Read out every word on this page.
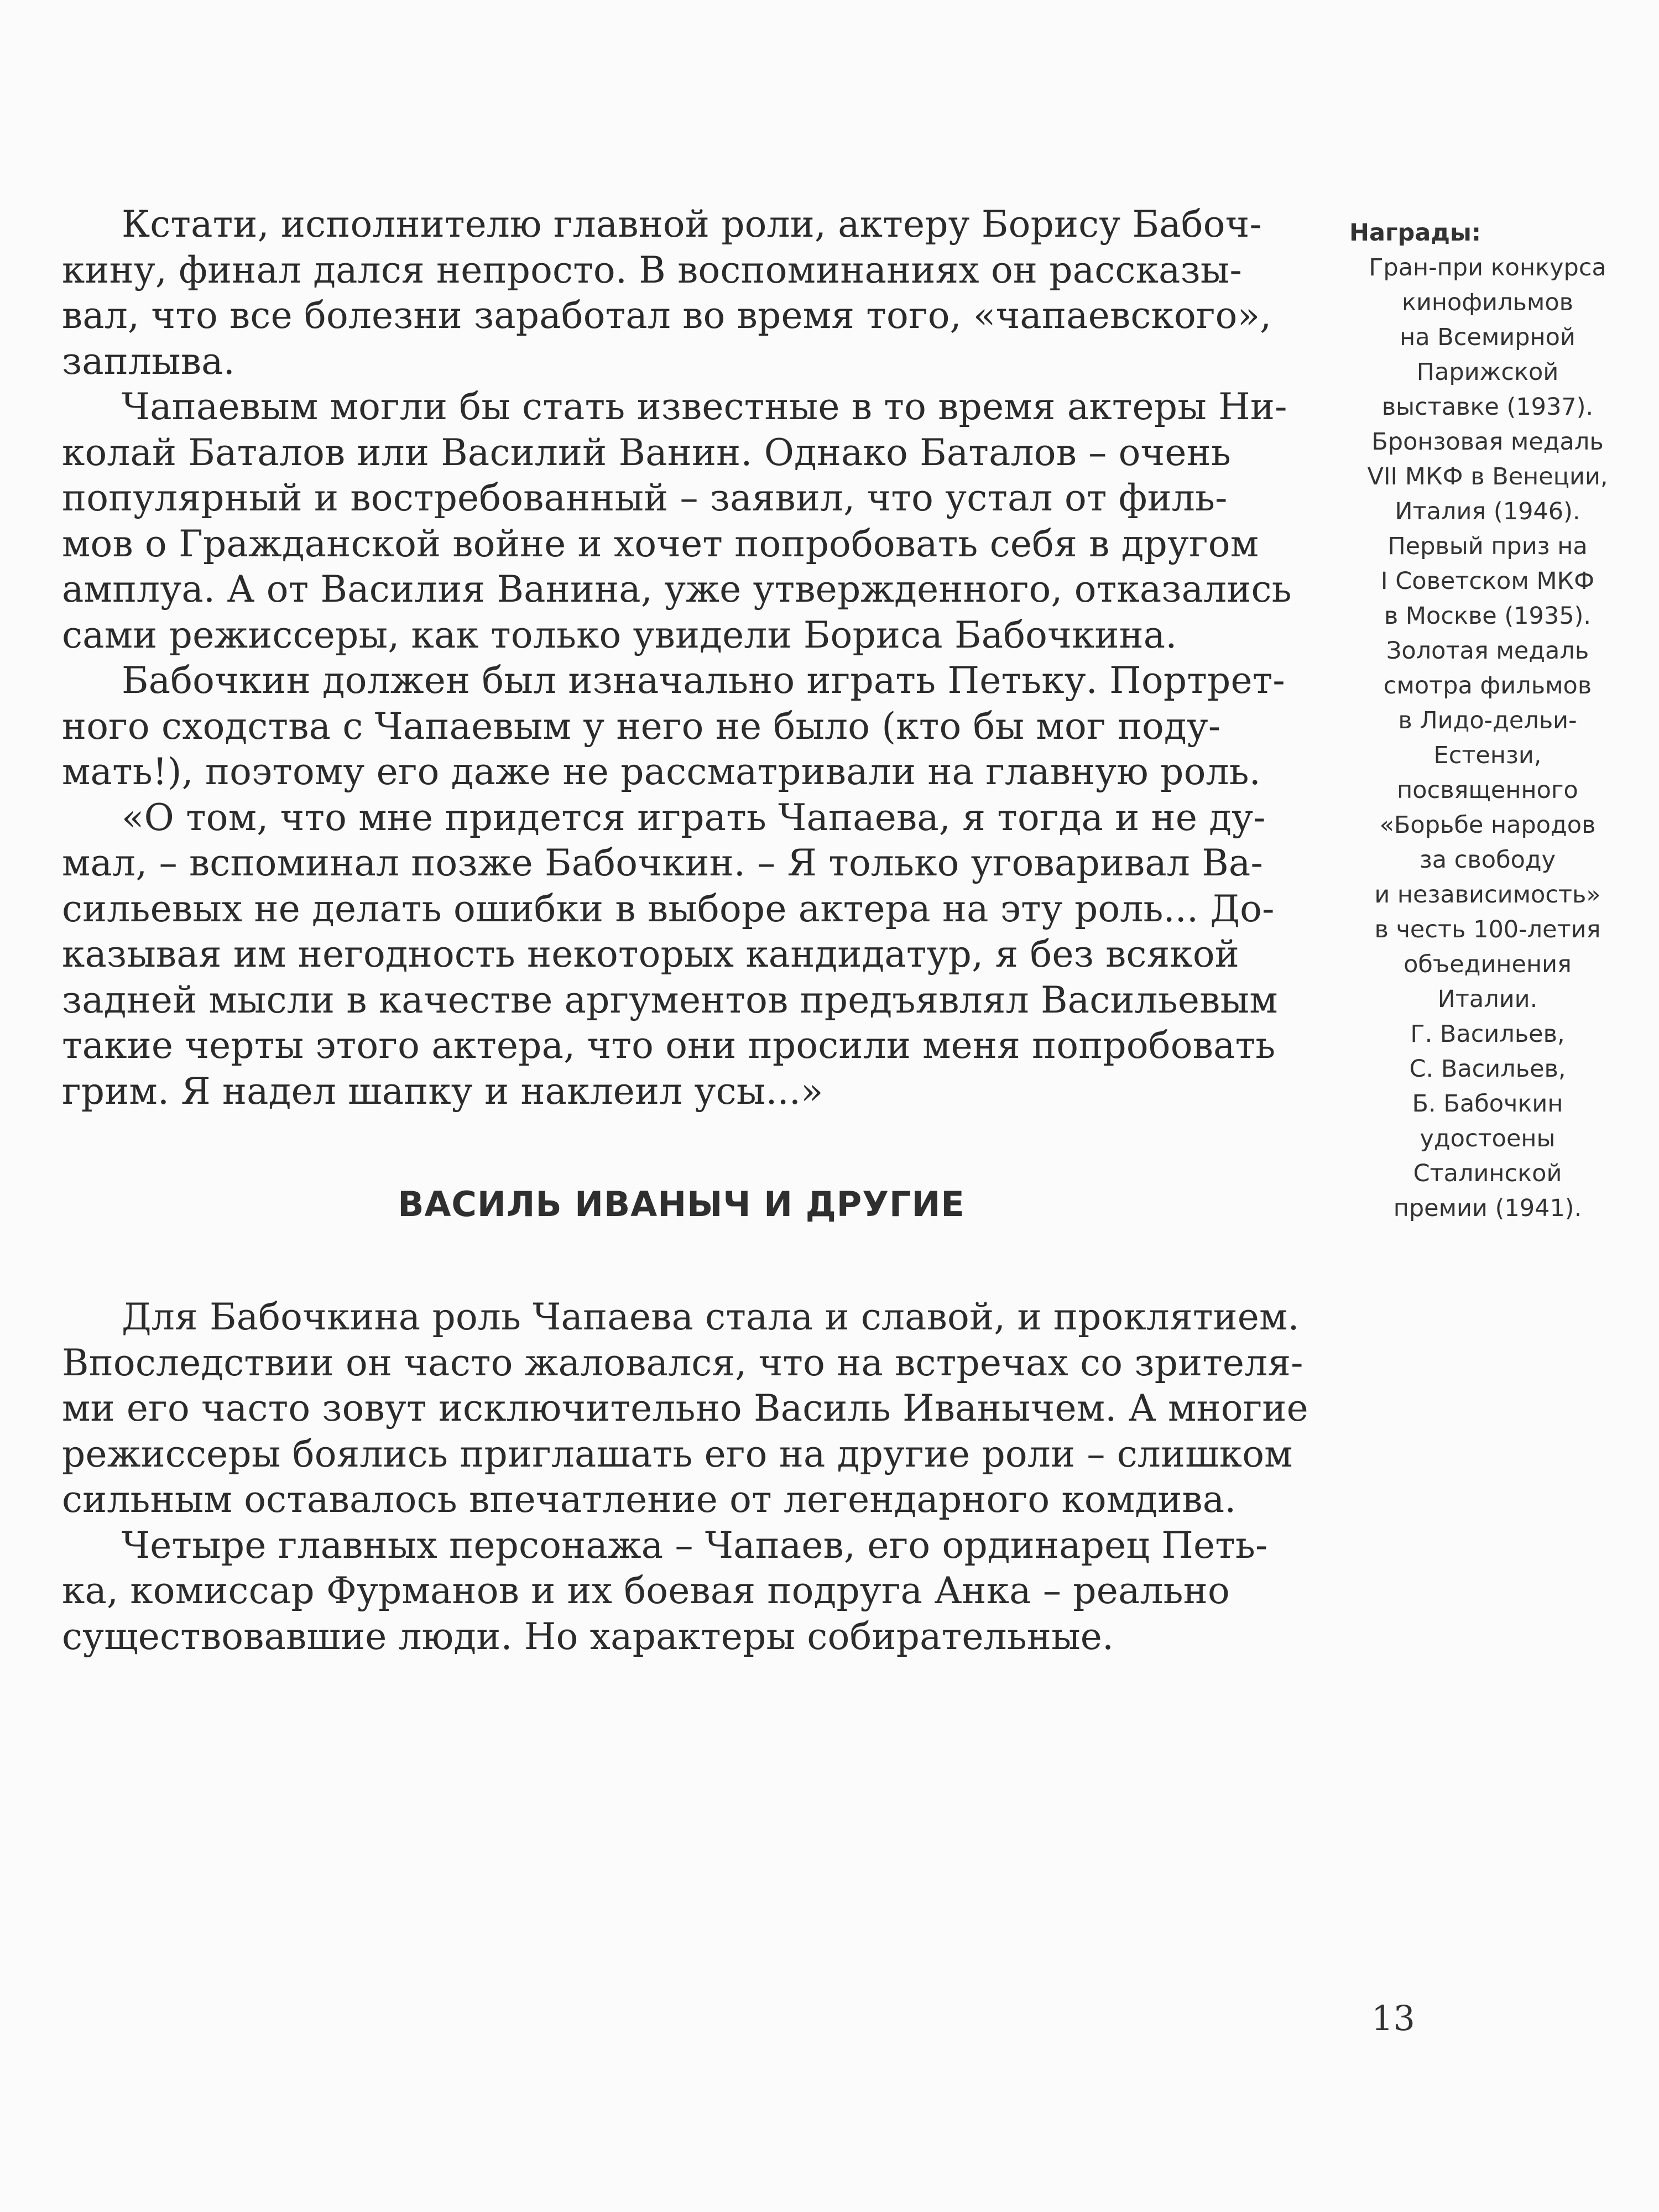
Кстати, исполнителю главной роли, актеру Борису Бабоч-
кину, финал дался непросто. В воспоминаниях он рассказы-
вал, что все болезни заработал во время того, «чапаевского»,
заплыва.
Чапаевым могли бы стать известные в то время актеры Ни-
колай Баталов или Василий Ванин. Однако Баталов – очень
популярный и востребованный – заявил, что устал от филь-
мов о Гражданской войне и хочет попробовать себя в другом
амплуа. А от Василия Ванина, уже утвержденного, отказались
сами режиссеры, как только увидели Бориса Бабочкина.
Бабочкин должен был изначально играть Петьку. Портрет-
ного сходства с Чапаевым у него не было (кто бы мог поду-
мать!), поэтому его даже не рассматривали на главную роль.
«О том, что мне придется играть Чапаева, я тогда и не ду-
мал, – вспоминал позже Бабочкин. – Я только уговаривал Ва-
сильевых не делать ошибки в выборе актера на эту роль... До-
казывая им негодность некоторых кандидатур, я без всякой
задней мысли в качестве аргументов предъявлял Васильевым
такие черты этого актера, что они просили меня попробовать
грим. Я надел шапку и наклеил усы...»
ВАСИЛЬ ИВАНЫЧ И ДРУГИЕ
Для Бабочкина роль Чапаева стала и славой, и проклятием.
Впоследствии он часто жаловался, что на встречах со зрителя-
ми его часто зовут исключительно Василь Иванычем. А многие
режиссеры боялись приглашать его на другие роли – слишком
сильным оставалось впечатление от легендарного комдива.
Четыре главных персонажа – Чапаев, его ординарец Петь-
ка, комиссар Фурманов и их боевая подруга Анка – реально
существовавшие люди. Но характеры собирательные.
Награды:
Гран-при конкурса
кинофильмов
на Всемирной
Парижской
выставке (1937).
Бронзовая медаль
VII МКФ в Венеции,
Италия (1946).
Первый приз на
I Советском МКФ
в Москве (1935).
Золотая медаль
смотра фильмов
в Лидо-дельи-
Естензи,
посвященного
«Борьбе народов
за свободу
и независимость»
в честь 100-летия
объединения
Италии.
Г. Васильев,
С. Васильев,
Б. Бабочкин
удостоены
Сталинской
премии (1941).
13
